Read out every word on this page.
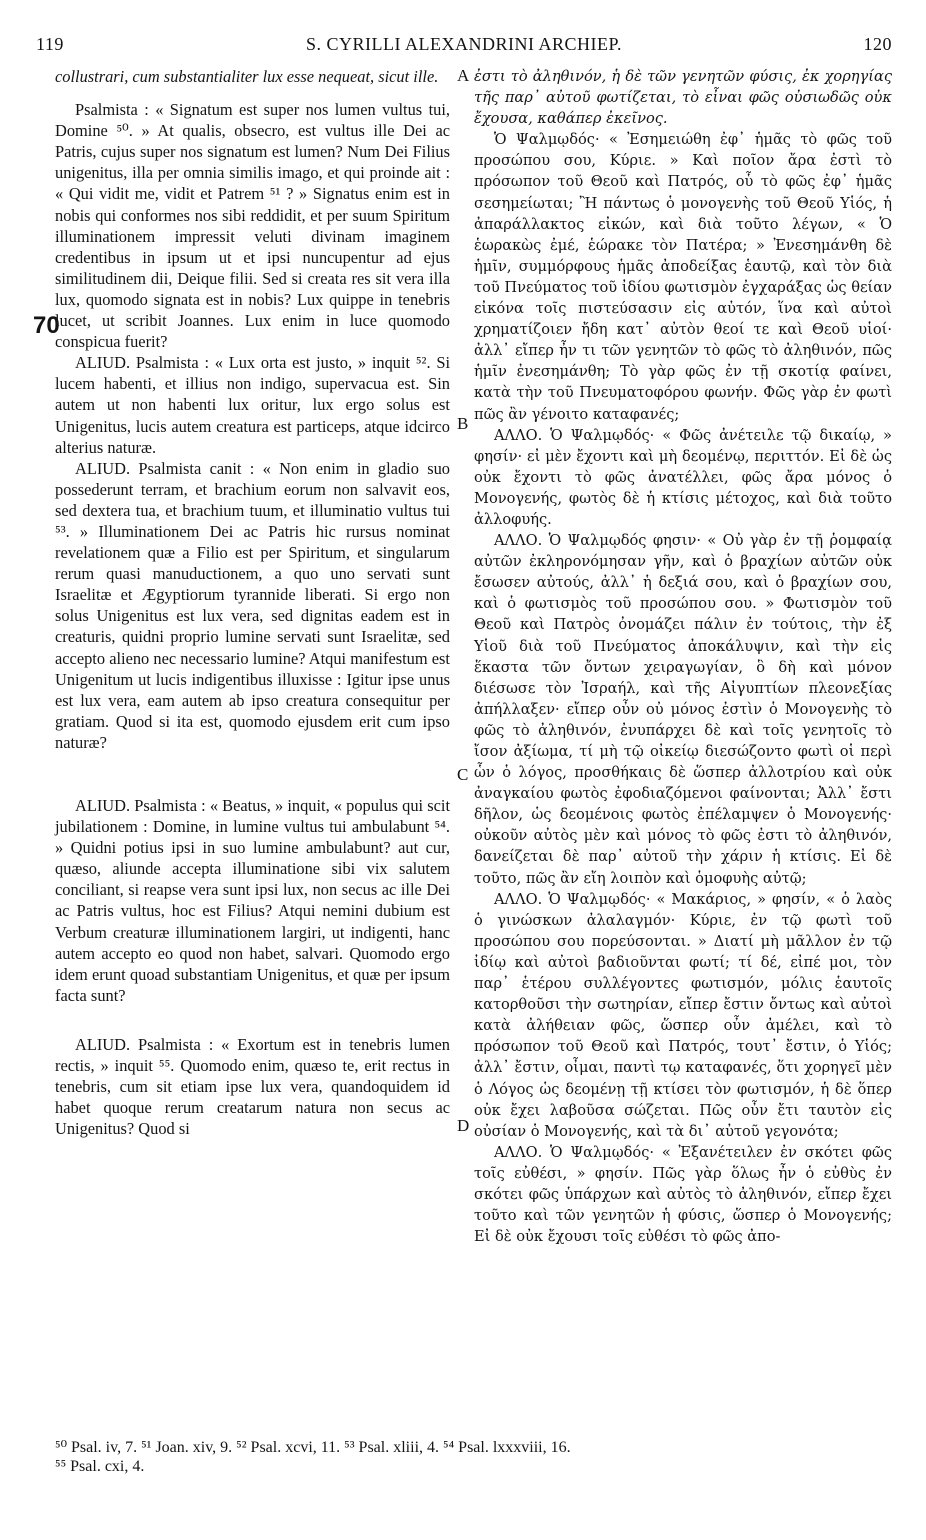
119	S. CYRILLI ALEXANDRINI ARCHIEP.	120
A
B
C
D
70

collustrari, cum substantialiter lux esse nequeat, sicut ille.

Psalmista : « Signatum est super nos lumen vultus tui, Domine ⁵⁰. » At qualis, obsecro, est vultus ille Dei ac Patris, cujus super nos signatum est lumen? Num Dei Filius unigenitus, illa per omnia similis imago, et qui proinde ait : « Qui vidit me, vidit et Patrem ⁵¹ ? » Signatus enim est in nobis qui conformes nos sibi reddidit, et per suum Spiritum illuminationem impressit veluti divinam imaginem credentibus in ipsum ut et ipsi nuncupentur ad ejus similitudinem dii, Deique filii. Sed si creata res sit vera illa lux, quomodo signata est in nobis? Lux quippe in tenebris lucet, ut scribit Joannes. Lux enim in luce quomodo conspicua fuerit?

ALIUD. Psalmista : « Lux orta est justo, » inquit ⁵². Si lucem habenti, et illius non indigo, supervacua est. Sin autem ut non habenti lux oritur, lux ergo solus est Unigenitus, lucis autem creatura est particeps, atque idcirco alterius naturæ.

ALIUD. Psalmista canit : « Non enim in gladio suo possederunt terram, et brachium eorum non salvavit eos, sed dextera tua, et brachium tuum, et illuminatio vultus tui ⁵³. » Illuminationem Dei ac Patris hic rursus nominat revelationem quæ a Filio est per Spiritum, et singularum rerum quasi manuductionem, a quo uno servati sunt Israelitæ et Ægyptiorum tyrannide liberati. Si ergo non solus Unigenitus est lux vera, sed dignitas eadem est in creaturis, quidni proprio lumine servati sunt Israelitæ, sed accepto alieno nec necessario lumine? Atqui manifestum est Unigenitum ut lucis indigentibus illuxisse : Igitur ipse unus est lux vera, eam autem ab ipso creatura consequitur per gratiam. Quod si ita est, quomodo ejusdem erit cum ipso naturæ?

ALIUD. Psalmista : « Beatus, » inquit, « populus qui scit jubilationem : Domine, in lumine vultus tui ambulabunt ⁵⁴. » Quidni potius ipsi in suo lumine ambulabunt? aut cur, quæso, aliunde accepta illuminatione sibi vix salutem conciliant, si reapse vera sunt ipsi lux, non secus ac ille Dei ac Patris vultus, hoc est Filius? Atqui nemini dubium est Verbum creaturæ illuminationem largiri, ut indigenti, hanc autem accepto eo quod non habet, salvari. Quomodo ergo idem erunt quoad substantiam Unigenitus, et quæ per ipsum facta sunt?

ALIUD. Psalmista : « Exortum est in tenebris lumen rectis, » inquit ⁵⁵. Quomodo enim, quæso te, erit rectus in tenebris, cum sit etiam ipse lux vera, quandoquidem id habet quoque rerum creatarum natura non secus ac Unigenitus? Quod si

ἐστι τὸ ἀληθινόν, ἡ δὲ τῶν γενητῶν φύσις, ἐκ χορηγίας τῆς παρ᾽ αὐτοῦ φωτίζεται, τὸ εἶναι φῶς οὐσιωδῶς οὐκ ἔχουσα, καθάπερ ἐκεῖνος.

Ὁ Ψαλμῳδός· « Ἐσημειώθη ἐφ᾽ ἡμᾶς τὸ φῶς τοῦ προσώπου σου, Κύριε. » Καὶ ποῖον ἄρα ἐστὶ τὸ πρόσωπον τοῦ Θεοῦ καὶ Πατρός, οὗ τὸ φῶς ἐφ᾽ ἡμᾶς σεσημείωται; Ἢ πάντως ὁ μονογενὴς τοῦ Θεοῦ Υἱός, ἡ ἀπαράλλακτος εἰκών, καὶ διὰ τοῦτο λέγων, « Ὁ ἑωρακὼς ἐμέ, ἑώρακε τὸν Πατέρα; » Ἐνεσημάνθη δὲ ἡμῖν, συμμόρφους ἡμᾶς ἀποδείξας ἑαυτῷ, καὶ τὸν διὰ τοῦ Πνεύματος τοῦ ἰδίου φωτισμὸν ἐγχαράξας ὡς θείαν εἰκόνα τοῖς πιστεύσασιν εἰς αὐτόν, ἵνα καὶ αὐτοὶ χρηματίζοιεν ἤδη κατ᾽ αὐτὸν θεοί τε καὶ Θεοῦ υἱοί· ἀλλ᾽ εἴπερ ἦν τι τῶν γενητῶν τὸ φῶς τὸ ἀληθινόν, πῶς ἡμῖν ἐνεσημάνθη; Τὸ γὰρ φῶς ἐν τῇ σκοτίᾳ φαίνει, κατὰ τὴν τοῦ Πνευματοφόρου φωνήν. Φῶς γὰρ ἐν φωτὶ πῶς ἂν γένοιτο καταφανές;

ΑΛΛΟ. Ὁ Ψαλμῳδός· « Φῶς ἀνέτειλε τῷ δικαίῳ, » φησίν· εἰ μὲν ἔχοντι καὶ μὴ δεομένῳ, περιττόν. Εἰ δὲ ὡς οὐκ ἔχοντι τὸ φῶς ἀνατέλλει, φῶς ἄρα μόνος ὁ Μονογενής, φωτὸς δὲ ἡ κτίσις μέτοχος, καὶ διὰ τοῦτο ἀλλοφυής.

ΑΛΛΟ. Ὁ Ψαλμῳδός φησιν· « Οὐ γὰρ ἐν τῇ ῥομφαίᾳ αὐτῶν ἐκληρονόμησαν γῆν, καὶ ὁ βραχίων αὐτῶν οὐκ ἔσωσεν αὐτούς, ἀλλ᾽ ἡ δεξιά σου, καὶ ὁ βραχίων σου, καὶ ὁ φωτισμὸς τοῦ προσώπου σου. » Φωτισμὸν τοῦ Θεοῦ καὶ Πατρὸς ὀνομάζει πάλιν ἐν τούτοις, τὴν ἐξ Υἱοῦ διὰ τοῦ Πνεύματος ἀποκάλυψιν, καὶ τὴν εἰς ἕκαστα τῶν ὄντων χειραγωγίαν, ὃ δὴ καὶ μόνον διέσωσε τὸν Ἰσραήλ, καὶ τῆς Αἰγυπτίων πλεονεξίας ἀπήλλαξεν· εἴπερ οὖν οὐ μόνος ἐστὶν ὁ Μονογενὴς τὸ φῶς τὸ ἀληθινόν, ἐνυπάρχει δὲ καὶ τοῖς γενητοῖς τὸ ἴσον ἀξίωμα, τί μὴ τῷ οἰκείῳ διεσώζοντο φωτὶ οἱ περὶ ὧν ὁ λόγος, προσθήκαις δὲ ὥσπερ ἀλλοτρίου καὶ οὐκ ἀναγκαίου φωτὸς ἐφοδιαζόμενοι φαίνονται; Ἀλλ᾽ ἔστι δῆλον, ὡς δεομένοις φωτὸς ἐπέλαμψεν ὁ Μονογενής· οὐκοῦν αὐτὸς μὲν καὶ μόνος τὸ φῶς ἐστι τὸ ἀληθινόν, δανείζεται δὲ παρ᾽ αὐτοῦ τὴν χάριν ἡ κτίσις. Εἰ δὲ τοῦτο, πῶς ἂν εἴη λοιπὸν καὶ ὁμοφυὴς αὐτῷ;

ΑΛΛΟ. Ὁ Ψαλμῳδός· « Μακάριος, » φησίν, « ὁ λαὸς ὁ γινώσκων ἀλαλαγμόν· Κύριε, ἐν τῷ φωτὶ τοῦ προσώπου σου πορεύσονται. » Διατί μὴ μᾶλλον ἐν τῷ ἰδίῳ καὶ αὐτοὶ βαδιοῦνται φωτί; τί δέ, εἰπέ μοι, τὸν παρ᾽ ἑτέρου συλλέγοντες φωτισμόν, μόλις ἑαυτοῖς κατορθοῦσι τὴν σωτηρίαν, εἴπερ ἔστιν ὄντως καὶ αὐτοὶ κατὰ ἀλήθειαν φῶς, ὥσπερ οὖν ἀμέλει, καὶ τὸ πρόσωπον τοῦ Θεοῦ καὶ Πατρός, τουτ᾽ ἔστιν, ὁ Υἱός; ἀλλ᾽ ἔστιν, οἶμαι, παντὶ τῳ καταφανές, ὅτι χορηγεῖ μὲν ὁ Λόγος ὡς δεομένῃ τῇ κτίσει τὸν φωτισμόν, ἡ δὲ ὅπερ οὐκ ἔχει λαβοῦσα σώζεται. Πῶς οὖν ἔτι ταυτὸν εἰς οὐσίαν ὁ Μονογενής, καὶ τὰ δι᾽ αὐτοῦ γεγονότα;

ΑΛΛΟ. Ὁ Ψαλμῳδός· « Ἐξανέτειλεν ἐν σκότει φῶς τοῖς εὐθέσι, » φησίν. Πῶς γὰρ ὅλως ἦν ὁ εὐθὺς ἐν σκότει φῶς ὑπάρχων καὶ αὐτὸς τὸ ἀληθινόν, εἴπερ ἔχει τοῦτο καὶ τῶν γενητῶν ἡ φύσις, ὥσπερ ὁ Μονογενής; Εἰ δὲ οὐκ ἔχουσι τοῖς εὐθέσι τὸ φῶς ἀπο-

⁵⁰ Psal. iv, 7. ⁵¹ Joan. xiv, 9. ⁵² Psal. xcvi, 11. ⁵³ Psal. xliii, 4. ⁵⁴ Psal. lxxxviii, 16.
⁵⁵ Psal. cxi, 4.
